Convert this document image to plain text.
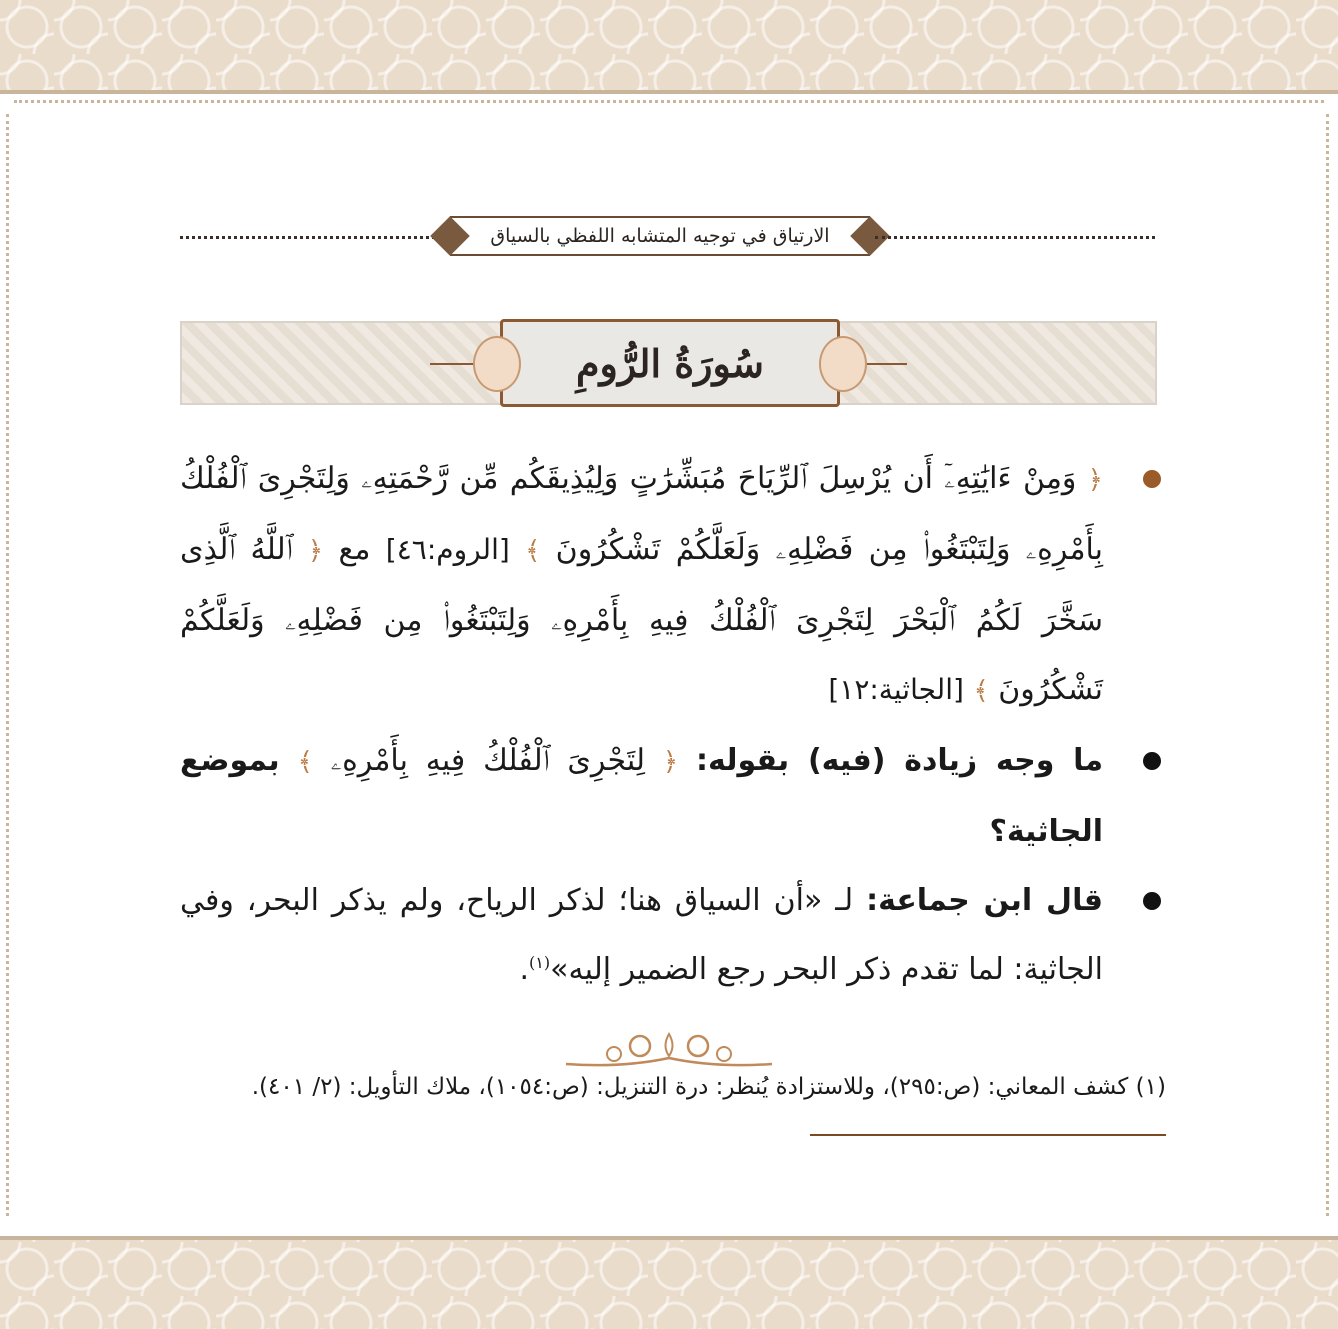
الارتياق في توجيه المتشابه اللفظي بالسياق
سُورَةُ الرُّومِ
﴿ وَمِنْ ءَايَٰتِهِۦٓ أَن يُرْسِلَ ٱلرِّيَاحَ مُبَشِّرَٰتٍ وَلِيُذِيقَكُم مِّن رَّحْمَتِهِۦ وَلِتَجْرِىَ ٱلْفُلْكُ بِأَمْرِهِۦ وَلِتَبْتَغُوا۟ مِن فَضْلِهِۦ وَلَعَلَّكُمْ تَشْكُرُونَ ﴾ [الروم:٤٦] مع ﴿ ٱللَّهُ ٱلَّذِى سَخَّرَ لَكُمُ ٱلْبَحْرَ لِتَجْرِىَ ٱلْفُلْكُ فِيهِ بِأَمْرِهِۦ وَلِتَبْتَغُوا۟ مِن فَضْلِهِۦ وَلَعَلَّكُمْ تَشْكُرُونَ ﴾ [الجاثية:١٢]
ما وجه زيادة (فيه) بقوله: ﴿ لِتَجْرِىَ ٱلْفُلْكُ فِيهِ بِأَمْرِهِۦ ﴾ بموضع الجاثية؟
قال ابن جماعة: لـ «أن السياق هنا؛ لذكر الرياح، ولم يذكر البحر، وفي الجاثية: لما تقدم ذكر البحر رجع الضمير إليه»$^{(١)}$.
(١) كشف المعاني: (ص:٢٩٥)، وللاستزادة يُنظر: درة التنزيل: (ص:١٠٥٤)، ملاك التأويل: (٢/ ٤٠١).
